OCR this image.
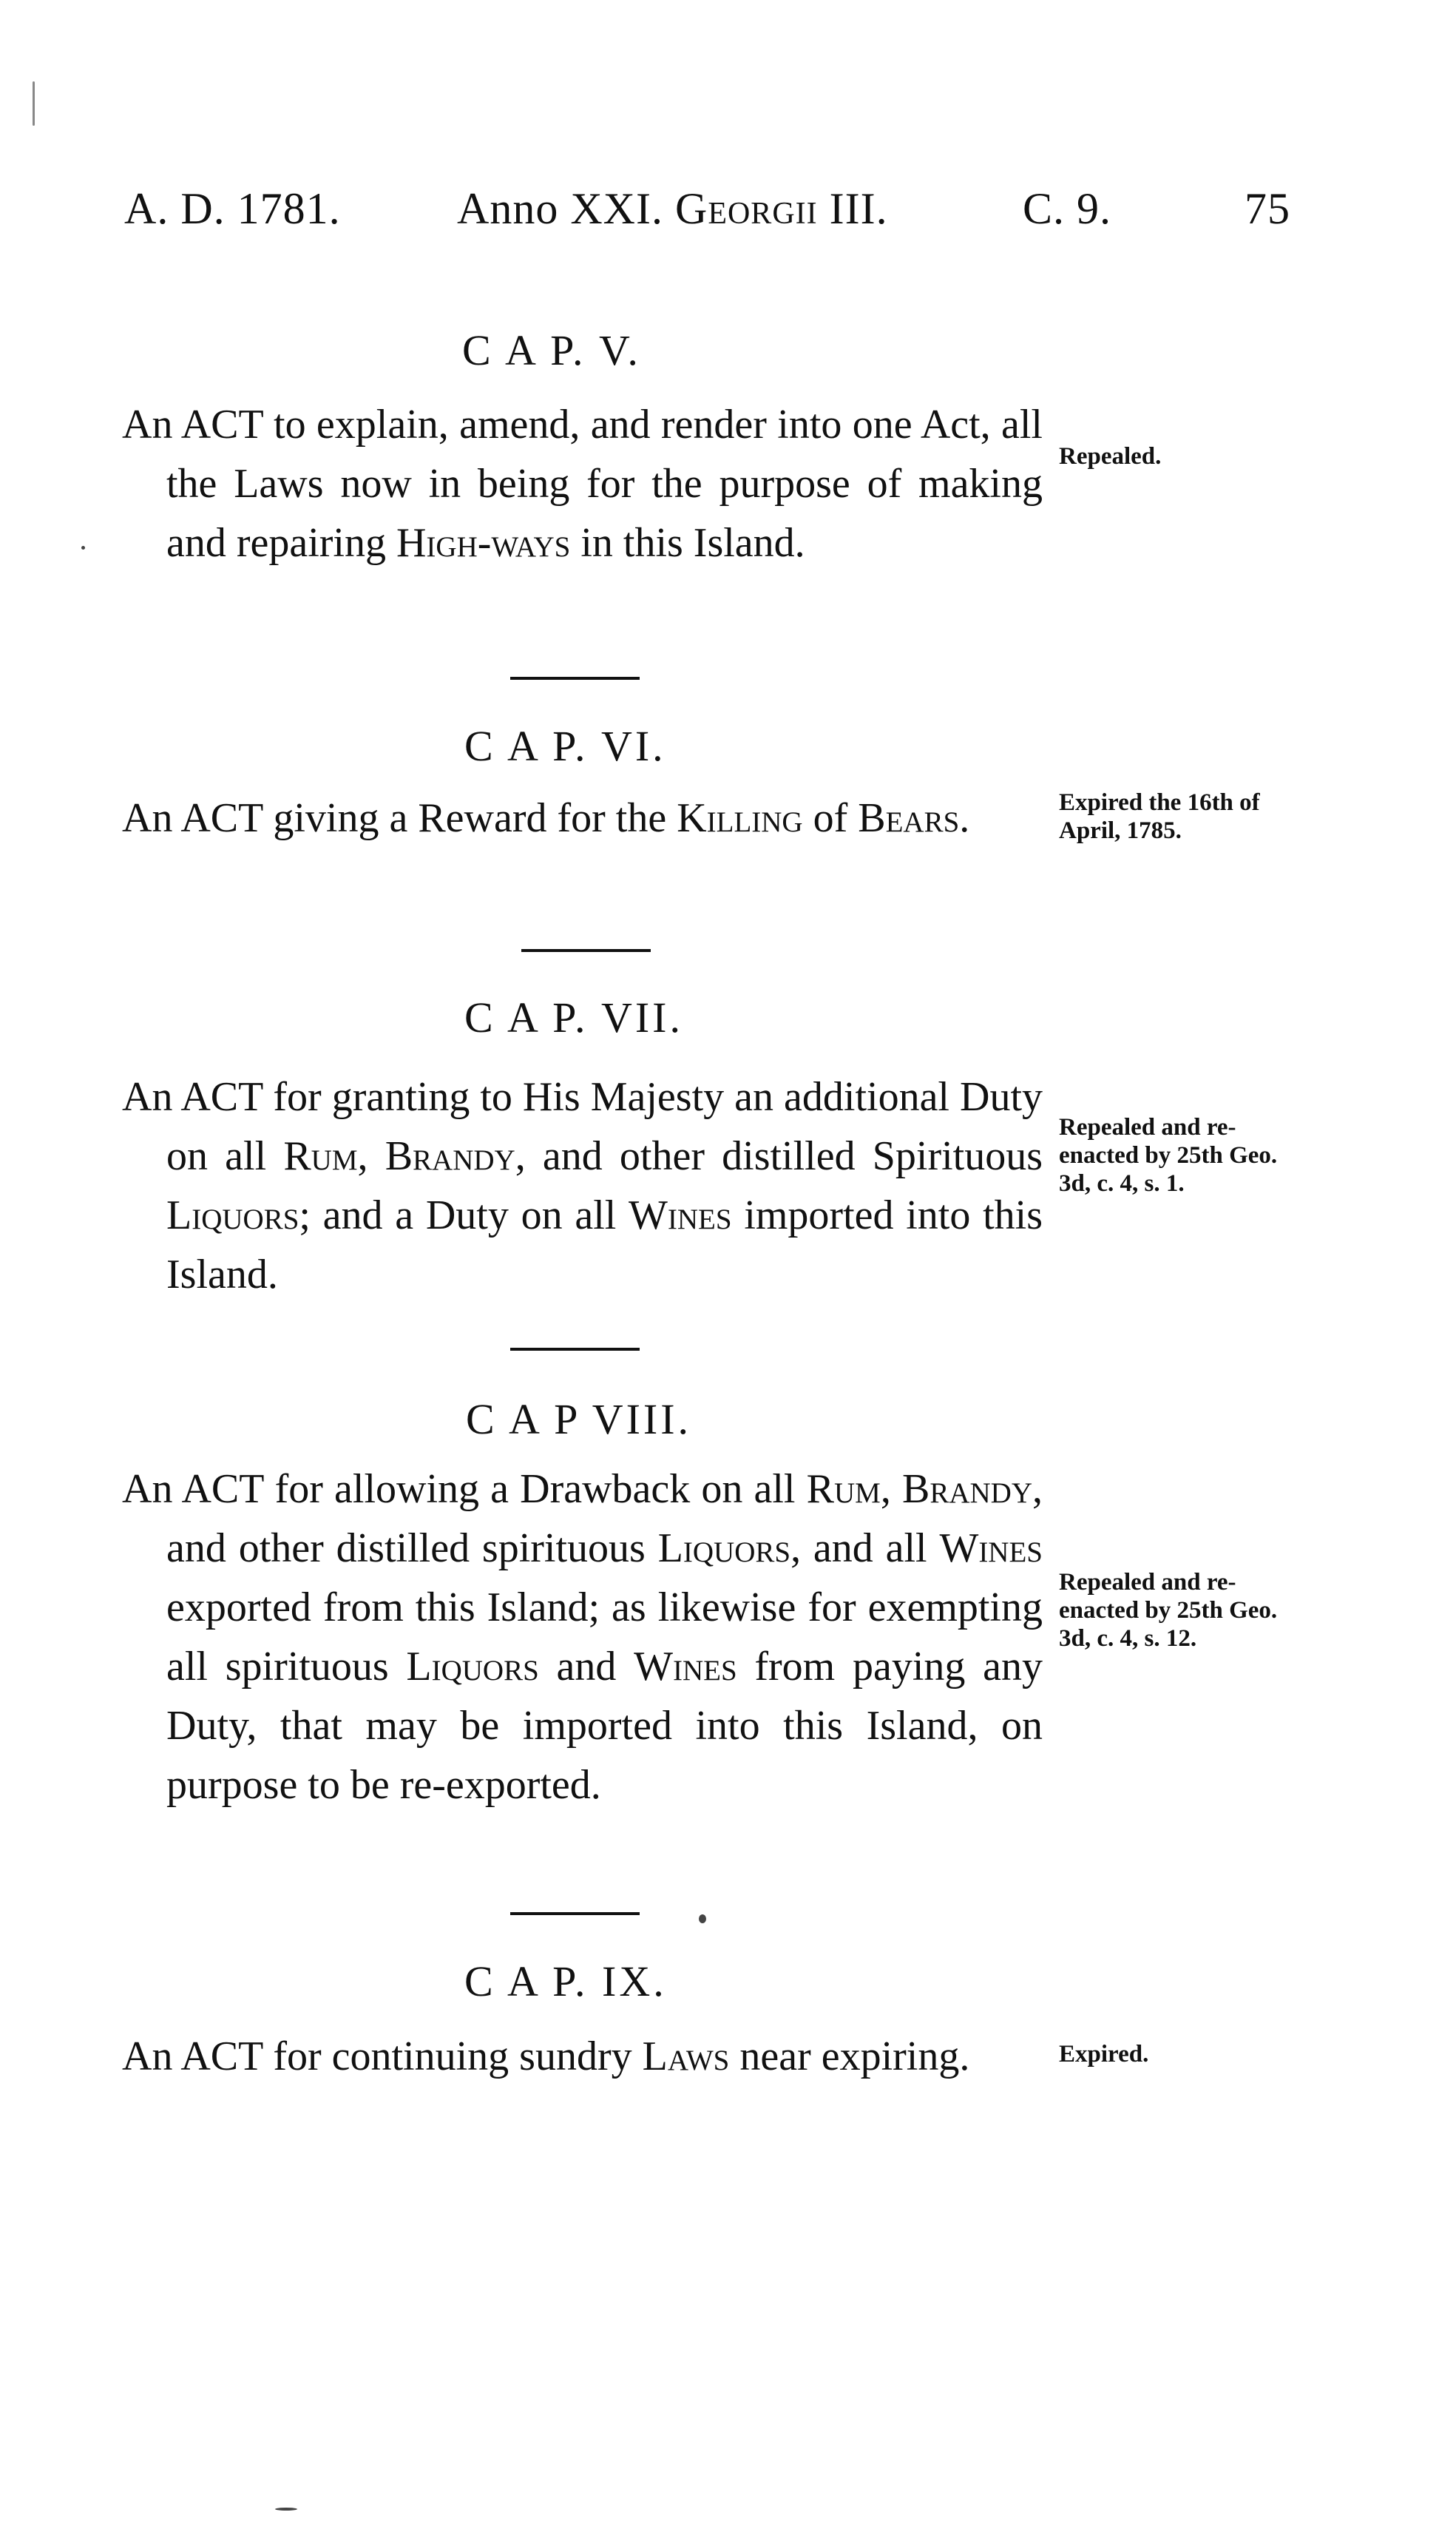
A. D. 1781.	Anno XXI. Georgii III.	C. 9.	75
C A P. V.
An ACT to explain, amend, and render into one Act, all the Laws now in being for the purpose of making and repairing High-ways in this Island.
Repealed.
C A P. VI.
An ACT giving a Reward for the Killing of Bears.	Expired the 16th of April, 1785.
C A P. VII.
An ACT for granting to His Majesty an additional Duty on all Rum, Brandy, and other distilled Spirituous Liquors; and a Duty on all Wines imported into this Island.
Repealed and re-enacted by 25th Geo. 3d, c. 4, s. 1.
C A P VIII.
An ACT for allowing a Drawback on all Rum, Brandy, and other distilled spirituous Liquors, and all Wines exported from this Island; as likewise for exempting all spirituous Liquors and Wines from paying any Duty, that may be imported into this Island, on purpose to be re-exported.
Repealed and re-enacted by 25th Geo. 3d, c. 4, s. 12.
C A P. IX.
An ACT for continuing sundry Laws near expiring.	Expired.
